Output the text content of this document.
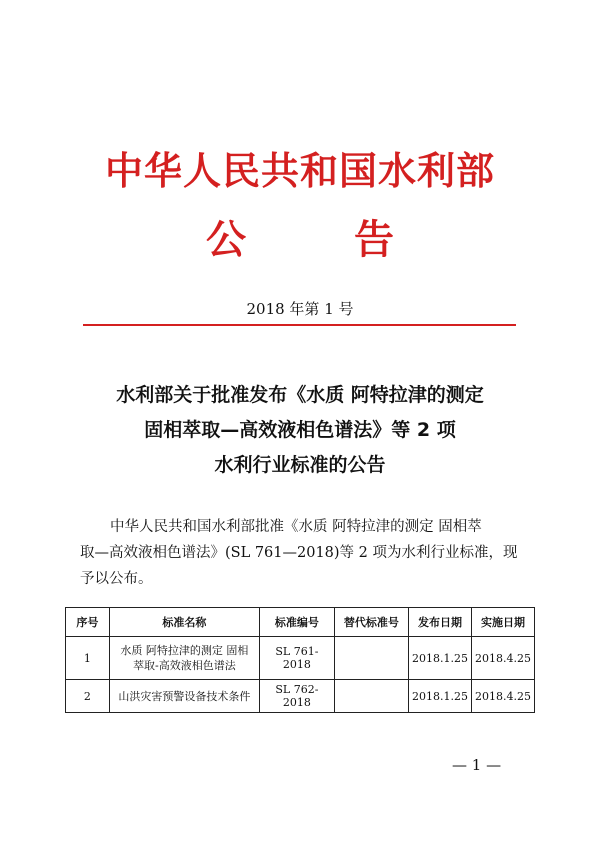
中华人民共和国水利部
公	告
2018 年第 1 号
水利部关于批准发布《水质 阿特拉津的测定
固相萃取—高效液相色谱法》等 2 项
水利行业标准的公告
中华人民共和国水利部批准《水质 阿特拉津的测定 固相萃
取—高效液相色谱法》(SL 761—2018)等 2 项为水利行业标准，现
予以公布。
序号	标准名称	标准编号	替代标准号	发布日期	实施日期
1	水质 阿特拉津的测定 固相
萃取-高效液相色谱法	SL 761-2018		2018.1.25	2018.4.25
2	山洪灾害预警设备技术条件	SL 762-2018		2018.1.25	2018.4.25
— 1 —
